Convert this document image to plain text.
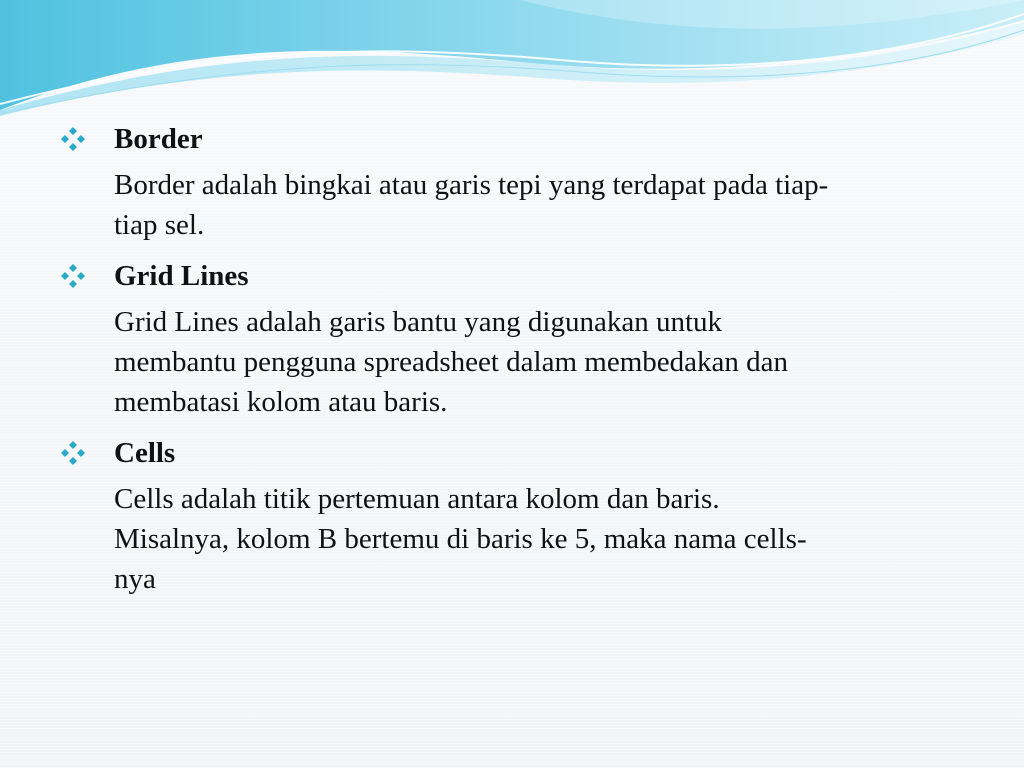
Border
Border adalah bingkai atau garis tepi yang terdapat pada tiap-
tiap sel.
Grid Lines
Grid Lines adalah garis bantu yang digunakan untuk
membantu pengguna spreadsheet dalam membedakan dan
membatasi kolom atau baris.
Cells
Cells adalah titik pertemuan antara kolom dan baris.
Misalnya, kolom B bertemu di baris ke 5, maka nama cells-
nya
